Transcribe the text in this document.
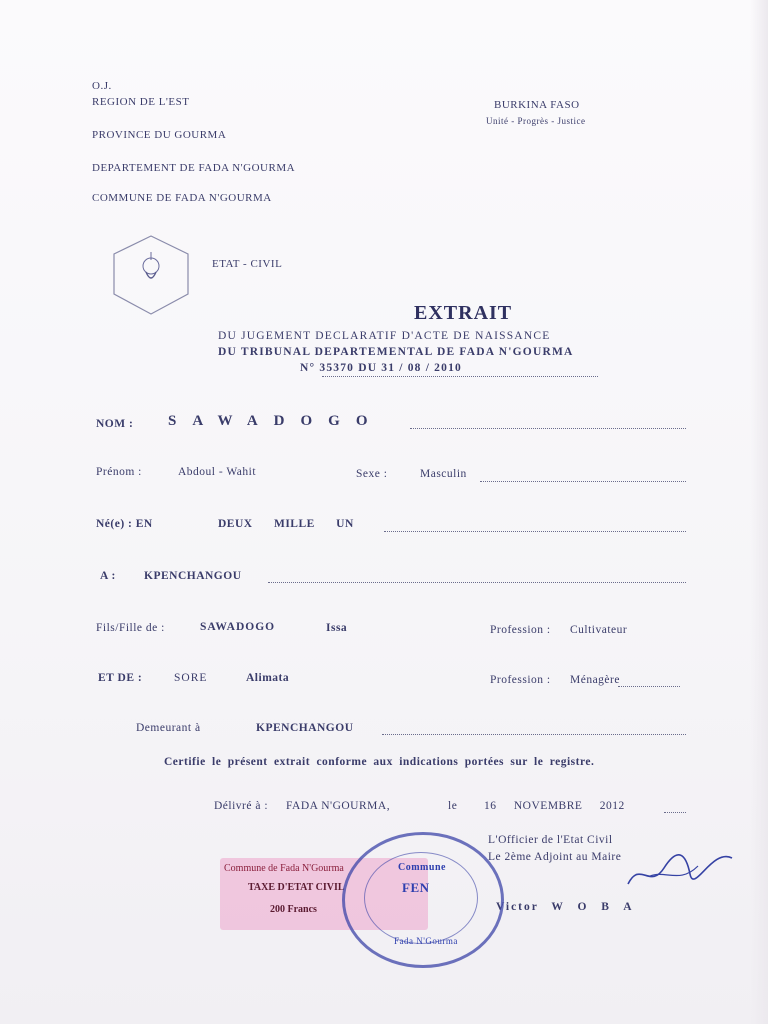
O.J.
REGION DE L'EST
PROVINCE DU GOURMA
DEPARTEMENT DE FADA N'GOURMA
COMMUNE DE FADA N'GOURMA
BURKINA FASO
Unité - Progrès - Justice
ETAT - CIVIL
EXTRAIT
DU JUGEMENT DECLARATIF D'ACTE DE NAISSANCE
DU TRIBUNAL DEPARTEMENTAL DE FADA N'GOURMA
N° 35370 DU 31 / 08 / 2010
NOM : SAWADOGO
Prénom :	Abdoul - Wahit	Sexe :	Masculin
Né(e) : EN	DEUX MILLE UN
A : KPENCHANGOU
Fils/Fille de :	SAWADOGO	Issa	Profession : Cultivateur
ET DE :	SORE	Alimata	Profession : Ménagère
Demeurant à	KPENCHANGOU
Certifie le présent extrait conforme aux indications portées sur le registre.
Délivré à : FADA N'GOURMA,	le 16 NOVEMBRE 2012
L'Officier de l'Etat Civil
Le 2ème Adjoint au Maire
Victor W O B A
Commune de Fada N'Gourma
TAXE D'ETAT CIVIL
200 Francs
Commune
FEN
Fada N'Gourma
